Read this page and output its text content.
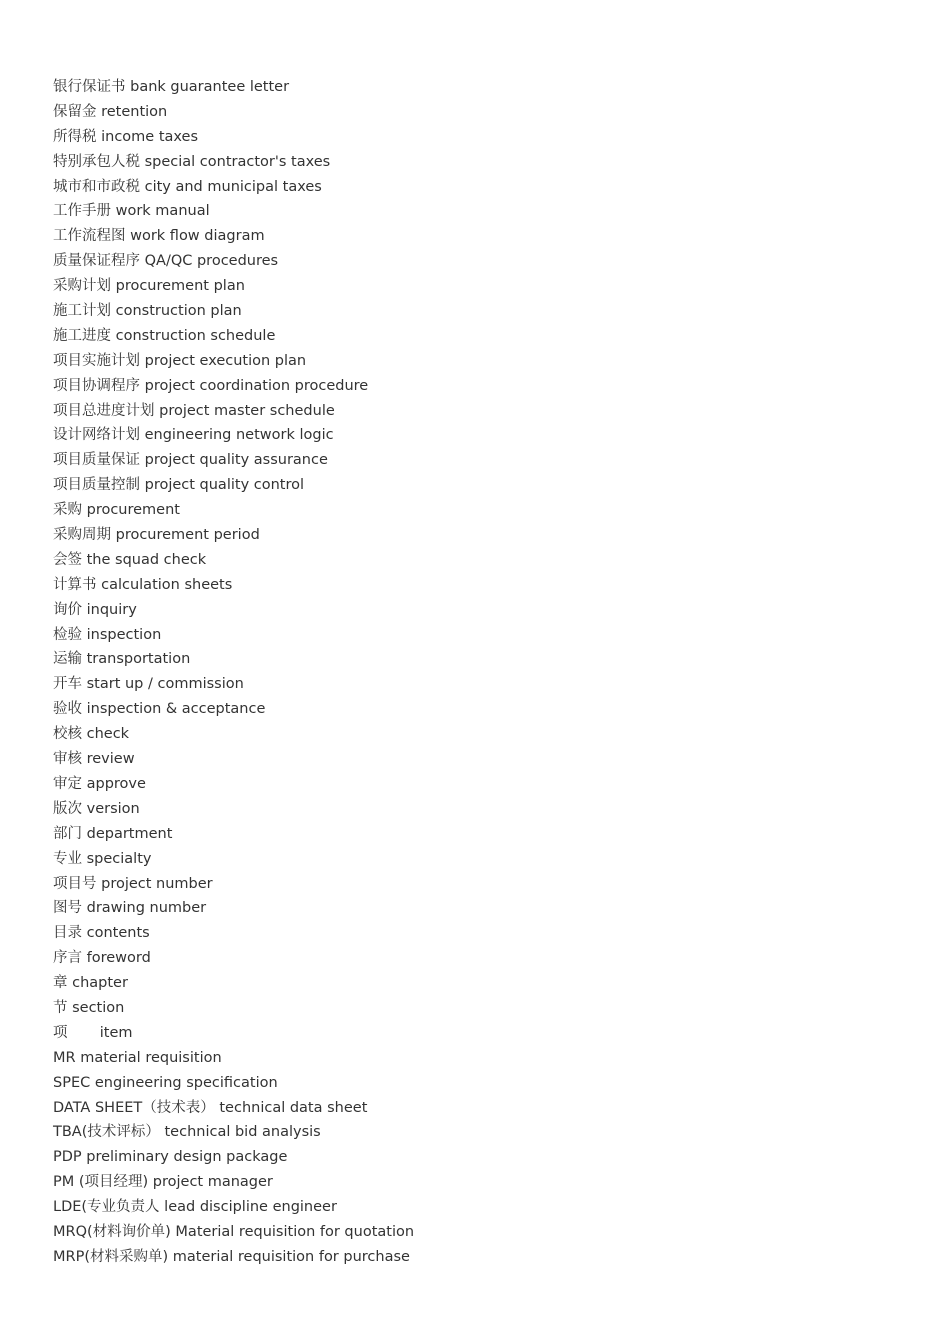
银行保证书 bank guarantee letter
保留金 retention
所得税 income taxes
特别承包人税 special contractor's taxes
城市和市政税 city and municipal taxes
工作手册 work manual
工作流程图 work flow diagram
质量保证程序 QA/QC procedures
采购计划 procurement plan
施工计划 construction plan
施工进度 construction schedule
项目实施计划 project execution plan
项目协调程序 project coordination procedure
项目总进度计划 project master schedule
设计网络计划 engineering network logic
项目质量保证 project quality assurance
项目质量控制 project quality control
采购 procurement
采购周期 procurement period
会签 the squad check
计算书 calculation sheets
询价 inquiry
检验 inspection
运输 transportation
开车 start up / commission
验收 inspection & acceptance
校核 check
审核 review
审定 approve
版次 version
部门 department
专业 specialty
项目号 project number
图号 drawing number
目录 contents
序言 foreword
章 chapter
节 section
项       item
MR material requisition
SPEC engineering specification
DATA SHEET（技术表） technical data sheet
TBA(技术评标） technical bid analysis
PDP preliminary design package
PM (项目经理) project manager
LDE(专业负责人 lead discipline engineer
MRQ(材料询价单) Material requisition for quotation
MRP(材料采购单) material requisition for purchase
